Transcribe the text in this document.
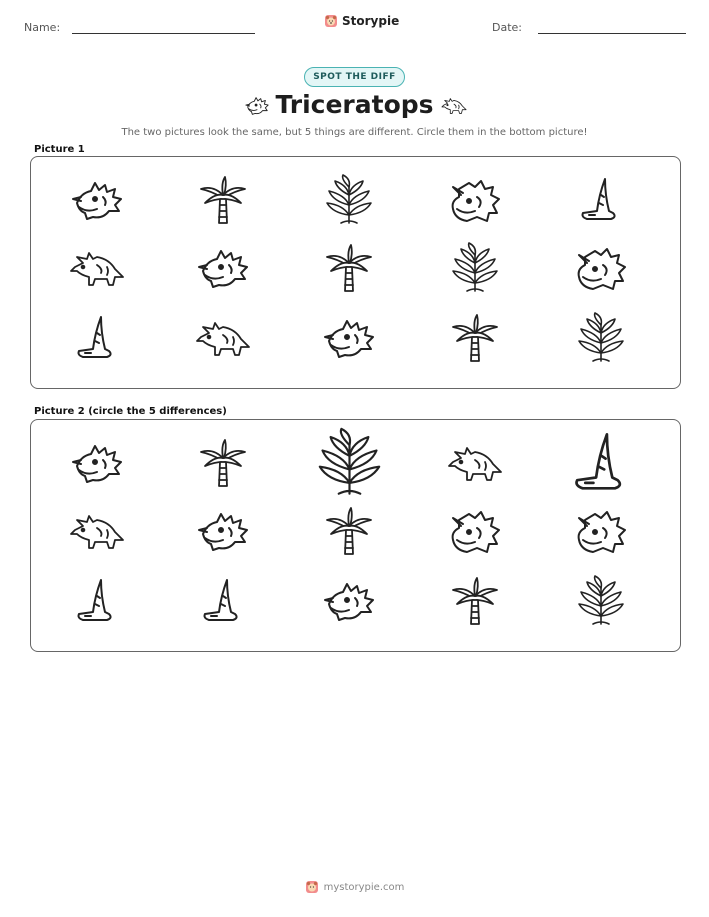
Name:	Storypie	Date:
SPOT THE DIFF
Triceratops
The two pictures look the same, but 5 things are different. Circle them in the bottom picture!
Picture 1
Picture 2 (circle the 5 differences)
mystorypie.com
